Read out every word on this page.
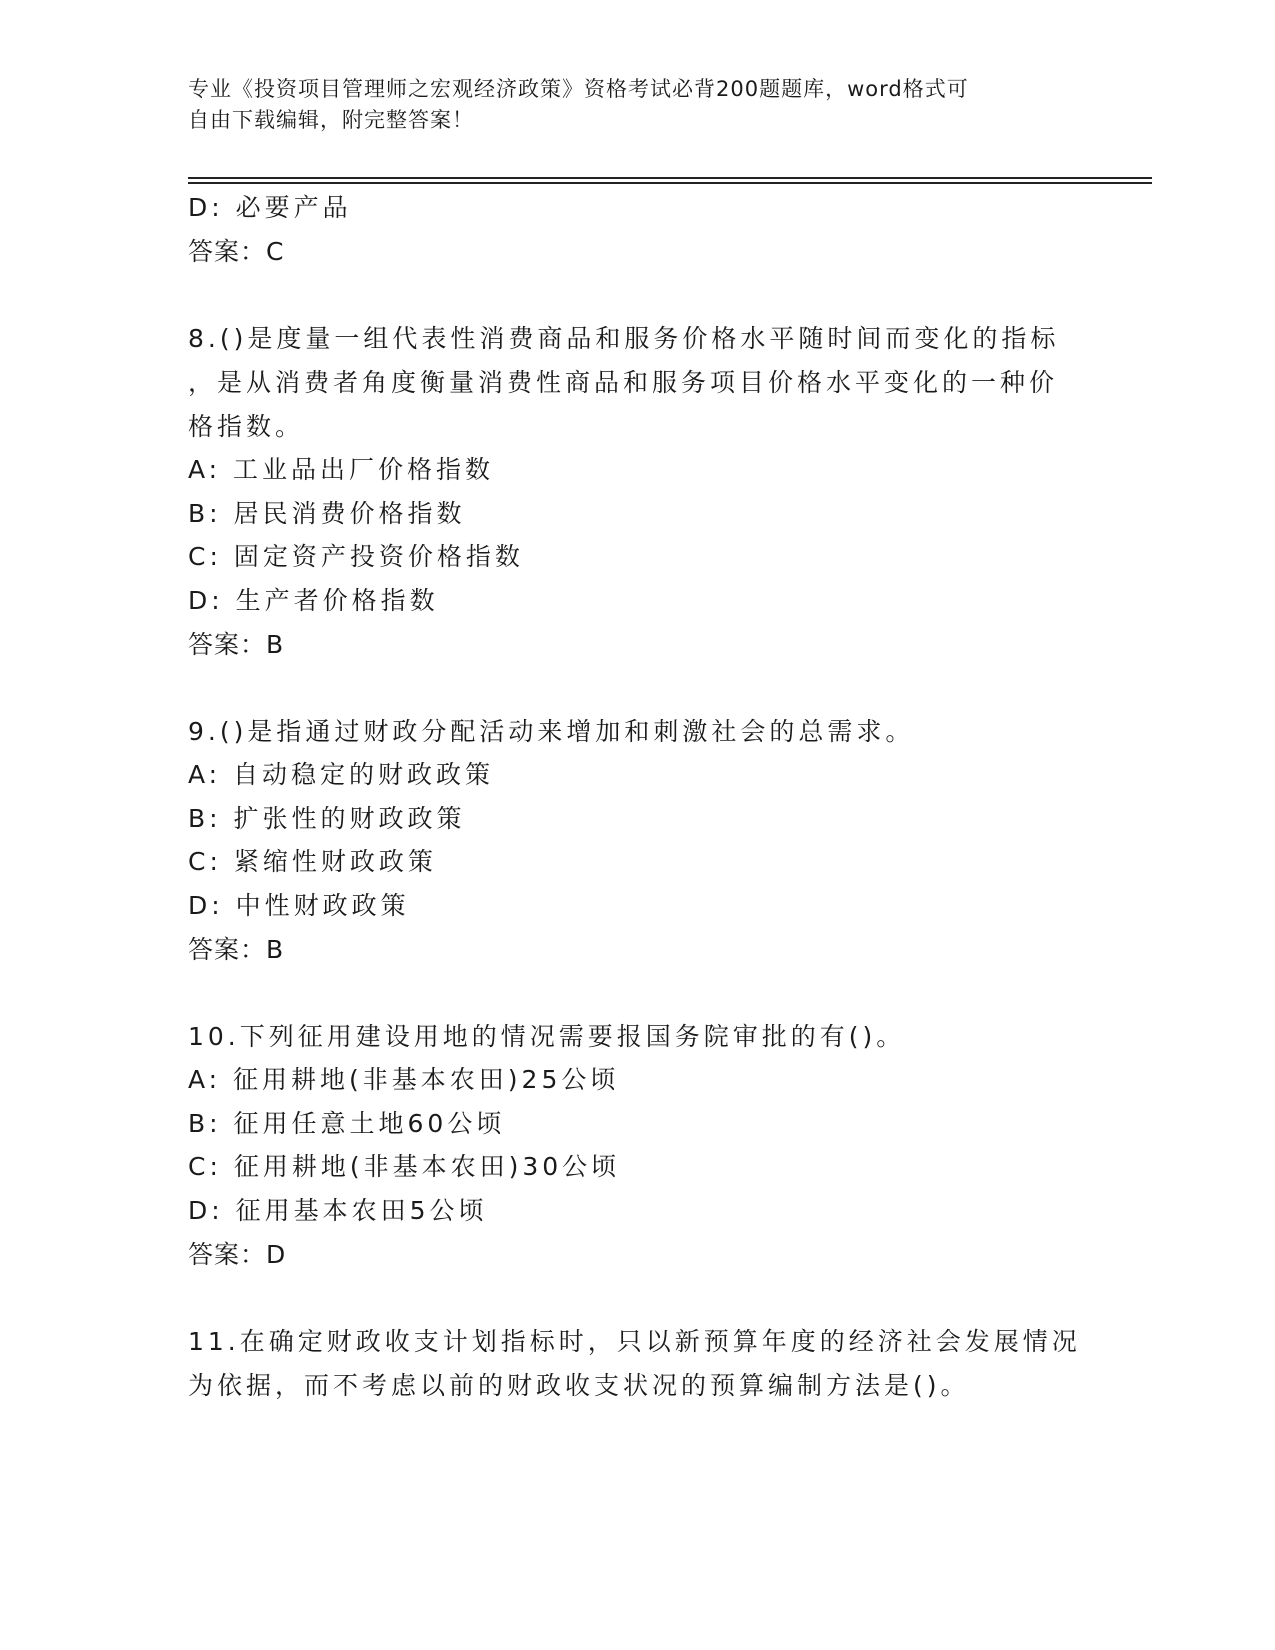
专业《投资项目管理师之宏观经济政策》资格考试必背200题题库，word格式可
自由下载编辑，附完整答案！
D: 必要产品
答案：C
8.()是度量一组代表性消费商品和服务价格水平随时间而变化的指标
，是从消费者角度衡量消费性商品和服务项目价格水平变化的一种价
格指数。
A: 工业品出厂价格指数
B: 居民消费价格指数
C: 固定资产投资价格指数
D: 生产者价格指数
答案：B
9.()是指通过财政分配活动来增加和刺激社会的总需求。
A: 自动稳定的财政政策
B: 扩张性的财政政策
C: 紧缩性财政政策
D: 中性财政政策
答案：B
10.下列征用建设用地的情况需要报国务院审批的有()。
A: 征用耕地(非基本农田)25公顷
B: 征用任意土地60公顷
C: 征用耕地(非基本农田)30公顷
D: 征用基本农田5公顷
答案：D
11.在确定财政收支计划指标时，只以新预算年度的经济社会发展情况
为依据，而不考虑以前的财政收支状况的预算编制方法是()。
